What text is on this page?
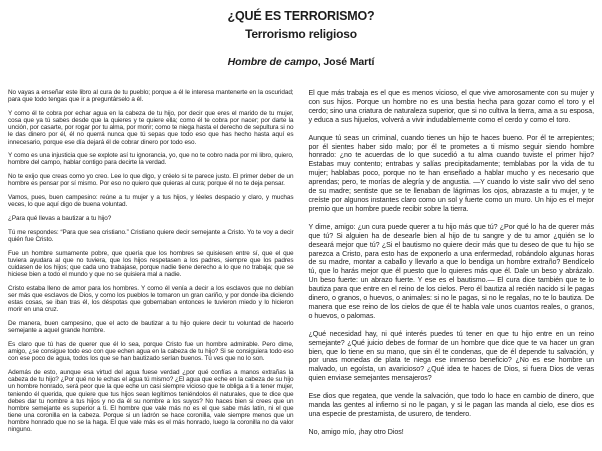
¿QUÉ ES TERRORISMO?
Terrorismo religioso
Hombre de campo, José Martí

No vayas a enseñar este libro al cura de tu pueblo; porque a él le interesa mantenerte en la oscuridad; para que todo tengas que ir a preguntárselo a él.

Y como él te cobra por echar agua en la cabeza de tu hijo, por decir que eres el marido de tu mujer, cosa que ya tú sabes desde que la quieres y te quiere ella; como él te cobra por nacer; por darte la unción, por casarte, por rogar por tu alma, por morir; como te niega hasta el derecho de sepultura si no le das dinero por él, él no querrá nunca que tú sepas que todo eso que has hecho hasta aquí es innecesario, porque ese día dejará él de cobrar dinero por todo eso.

Y como es una injusticia que se explote así tu ignorancia, yo, que no te cobro nada por mi libro, quiero, hombre del campo, hablar contigo para decirte la verdad.

No te exijo que creas como yo creo. Lee lo que digo, y créelo si te parece justo. El primer deber de un hombre es pensar por sí mismo. Por eso no quiero que quieras al cura; porque él no te deja pensar.

Vamos, pues, buen campesino: reúne a tu mujer y a tus hijos, y léeles despacio y claro, y muchas veces, lo que aquí digo de buena voluntad.

¿Para qué llevas a bautizar a tu hijo?

Tú me respondes: “Para que sea cristiano.” Cristiano quiere decir semejante a Cristo. Yo te voy a decir quién fue Cristo.

Fue un hombre sumamente pobre, que quería que los hombres se quisiesen entre sí, que el que tuviera ayudara al que no tuviera, que los hijos respetasen a los padres, siempre que los padres cuidasen de los hijos; que cada uno trabajase, porque nadie tiene derecho a lo que no trabaja; que se hiciese bien a todo el mundo y que no se quisiera mal a nadie.

Cristo estaba lleno de amor para los hombres. Y como él venía a decir a los esclavos que no debían ser más que esclavos de Dios, y como los pueblos le tomaron un gran cariño, y por donde iba diciendo estas cosas, se iban tras él, los déspotas que gobernaban entonces le tuvieron miedo y lo hicieron morir en una cruz.

De manera, buen campesino, que el acto de bautizar a tu hijo quiere decir tu voluntad de hacerlo semejante a aquel grande hombre.

Es claro que tú has de querer que él lo sea, porque Cristo fue un hombre admirable. Pero dime, amigo, ¿se consigue todo eso con que echen agua en la cabeza de tu hijo? Si se consiguiera todo eso con ese poco de agua, todos los que se han bautizado serían buenos. Tú ves que no lo son.

Además de esto, aunque esa virtud del agua fuese verdad ¿por qué confías a manos extrañas la cabeza de tu hijo? ¿Por qué no le echas el agua tú mismo? ¿El agua que eche en la cabeza de su hijo un hombre honrado, será peor que la que eche un casi siempre vicioso que te obliga a ti a tener mujer, teniendo él querida, que quiere que tus hijos sean legítimos teniéndolos él naturales, que te dice que debes dar tu nombre a tus hijos y no da él su nombre a los suyos? No haces bien si crees que un hombre semejante es superior a ti. El hombre que vale más no es el que sabe más latín, ni el que tiene una coronilla en la cabeza. Porque si un ladrón se hace coronilla, vale siempre menos que un hombre honrado que no se la haga. El que vale más es el más honrado, luego la coronilla no da valor ninguno.

El que más trabaja es el que es menos vicioso, el que vive amorosamente con su mujer y con sus hijos. Porque un hombre no es una bestia hecha para gozar como el toro y el cerdo; sino una criatura de naturaleza superior, que si no cultiva la tierra, ama a su esposa, y educa a sus hijuelos, volverá a vivir indudablemente como el cerdo y como el toro.

Aunque tú seas un criminal, cuando tienes un hijo te haces bueno. Por él te arrepientes; por él sientes haber sido malo; por él te prometes a ti mismo seguir siendo hombre honrado: ¿no te acuerdas de lo que sucedió a tu alma cuando tuviste el primer hijo? Estabas muy contento; entrabas y salías precipitadamente; temblabas por la vida de tu mujer; hablabas poco, porque no te han enseñado a hablar mucho y es necesario que aprendas; pero, te morías de alegría y de angustia. —Y cuando lo viste salir vivo del seno de su madre; sentiste que se te llenaban de lágrimas los ojos, abrazaste a tu mujer, y te creíste por algunos instantes claro como un sol y fuerte como un muro. Un hijo es el mejor premio que un hombre puede recibir sobre la tierra.

Y dime, amigo: ¿un cura puede querer a tu hijo más que tú? ¿Por qué lo ha de querer más que tú? Si alguien ha de desearle bien al hijo de tu sangre y de tu amor ¿quién se lo deseará mejor que tú? ¿Si el bautismo no quiere decir más que tu deseo de que tu hijo se parezca a Cristo, para esto has de exponerlo a una enfermedad, robándolo algunas horas de su madre, montar a caballo y llevarlo a que lo bendiga un hombre extraño? Bendícelo tú, que lo harás mejor que él puesto que lo quieres más que él. Dale un beso y abrázalo. Un beso fuerte: un abrazo fuerte. Y ese es el bautismo.— El cura dice también que te lo bautiza para que entre en el reino de los cielos. Pero él bautiza al recién nacido si le pagas dinero, o granos, o huevos, o animales: si no le pagas, si no le regalas, no te lo bautiza. De manera que ese reino de los cielos de que él te habla vale unos cuantos reales, o granos, o huevos, o palomas.

¿Qué necesidad hay, ni qué interés puedes tú tener en que tu hijo entre en un reino semejante? ¿Qué juicio debes de formar de un hombre que dice que te va hacer un gran bien, que lo tiene en su mano, que sin él te condenas, que de él depende tu salvación, y por unas monedas de plata te niega ese inmenso beneficio? ¿No es ese hombre un malvado, un egoísta, un avaricioso? ¿Qué idea te haces de Dios, si fuera Dios de veras quien enviase semejantes mensajeros?

Ese dios que regatea, que vende la salvación, que todo lo hace en cambio de dinero, que manda las gentes al infierno si no le pagan, y si le pagan las manda al cielo, ese dios es una especie de prestamista, de usurero, de tendero.

No, amigo mío, ¡hay otro Dios!
